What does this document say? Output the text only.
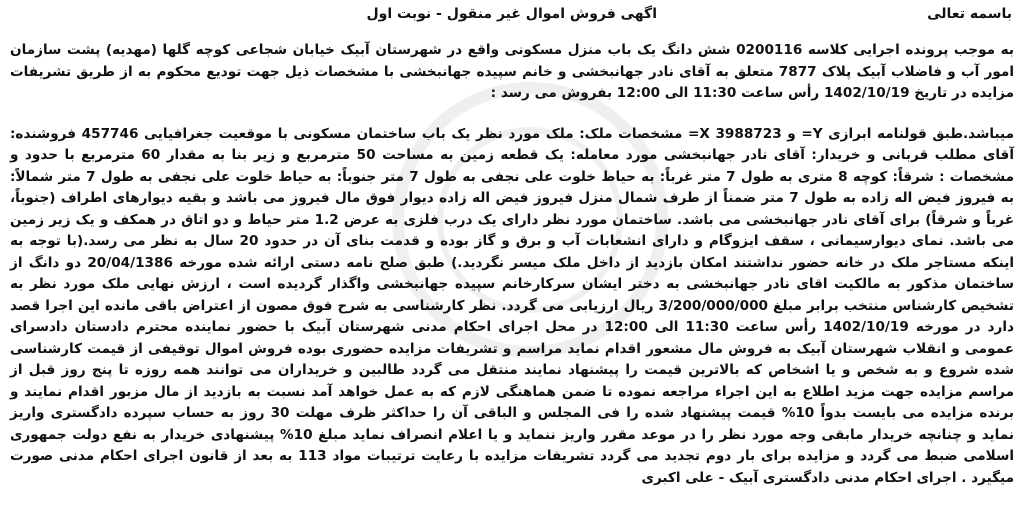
باسمه تعالی
اگهی فروش اموال غیر منقول - نوبت اول

به موجب پرونده اجرایی کلاسه 0200116 شش دانگ یک باب منزل مسکونی واقع در شهرستان آبیک خیابان شجاعی کوچه گلها (مهدیه) پشت سازمان امور آب و فاضلاب آبیک پلاک 7877 متعلق به آقای نادر جهانبخشی و خانم سپیده جهانبخشی با مشخصات ذیل جهت تودیع محکوم به از طریق تشریفات مزایده در تاریخ 1402/10/19 رأس ساعت 11:30 الی 12:00 بفروش می رسد :

میباشد.طبق قولنامه ابرازی Y= و 3988723 X= مشخصات ملک: ملک مورد نظر یک باب ساختمان مسکونی با موقعیت جغرافیایی 457746 فروشنده: آقای مطلب قربانی و خریدار: آقای نادر جهانبخشی مورد معامله: یک قطعه زمین به مساحت 50 مترمربع و زیر بنا به مقدار 60 مترمربع با حدود و مشخصات : شرقاً: کوچه 8 متری به طول 7 متر غرباً: به حیاط خلوت علی نجفی به طول 7 متر جنوباً: به حیاط خلوت علی نجفی به طول 7 متر شمالاً: به فیروز فیض اله زاده به طول 7 متر ضمناً از طرف شمال منزل فیروز فیض اله زاده دیوار فوق مال فیروز می باشد و بقیه دیوارهای اطراف (جنوباً، غرباً و شرقاً) برای آقای نادر جهانبخشی می باشد. ساختمان مورد نظر دارای یک درب فلزی به عرض 1.2 متر حیاط و دو اتاق در همکف و یک زیر زمین می باشد. نمای دیوارسیمانی ، سقف ایزوگام و دارای انشعابات آب و برق و گاز بوده و قدمت بنای آن در حدود 20 سال به نظر می رسد.(با توجه به اینکه مستاجر ملک در خانه حضور نداشتند امکان بازدید از داخل ملک میسر نگردید.) طبق صلح نامه دستی ارائه شده مورخه 20/04/1386 دو دانگ از ساختمان مذکور به مالکیت اقای نادر جهانبخشی به دختر ایشان سرکارخانم سپیده جهانبخشی واگذار گردیده است ، ارزش نهایی ملک مورد نظر به تشخیص کارشناس منتخب برابر مبلغ 3/200/000/000 ریال ارزیابی می گردد. نظر کارشناسی به شرح فوق مصون از اعتراض باقی مانده این اجرا قصد دارد در مورخه 1402/10/19 رأس ساعت 11:30 الی 12:00 در محل اجرای احکام مدنی شهرستان آبیک با حضور نماینده محترم دادستان دادسرای عمومی و انقلاب شهرستان آبیک به فروش مال مشعور اقدام نماید مراسم و تشریفات مزایده حضوری بوده فروش اموال توقیفی از قیمت کارشناسی شده شروع و به شخص و یا اشخاص که بالاترین قیمت را پیشنهاد نمایند منتقل می گردد طالبین و خریداران می توانند همه روزه تا پنج روز قبل از مراسم مزایده جهت مزید اطلاع به این اجراء مراجعه نموده تا ضمن هماهنگی لازم که به عمل خواهد آمد نسبت به بازدید از مال مزبور اقدام نمایند و برنده مزایده می بایست بدواً 10% قیمت پیشنهاد شده را فی المجلس و الباقی آن را حداکثر ظرف مهلت 30 روز به حساب سپرده دادگستری واریز نماید و چنانچه خریدار مابقی وجه مورد نظر را در موعد مقرر واریز ننماید و یا اعلام انصراف نماید مبلغ 10% پیشنهادی خریدار به نفع دولت جمهوری اسلامی ضبط می گردد و مزایده برای بار دوم تجدید می گردد تشریفات مزایده با رعایت ترتیبات مواد 113 به بعد از قانون اجرای احکام مدنی صورت میگیرد . اجرای احکام مدنی دادگستری آبیک - علی اکبری
